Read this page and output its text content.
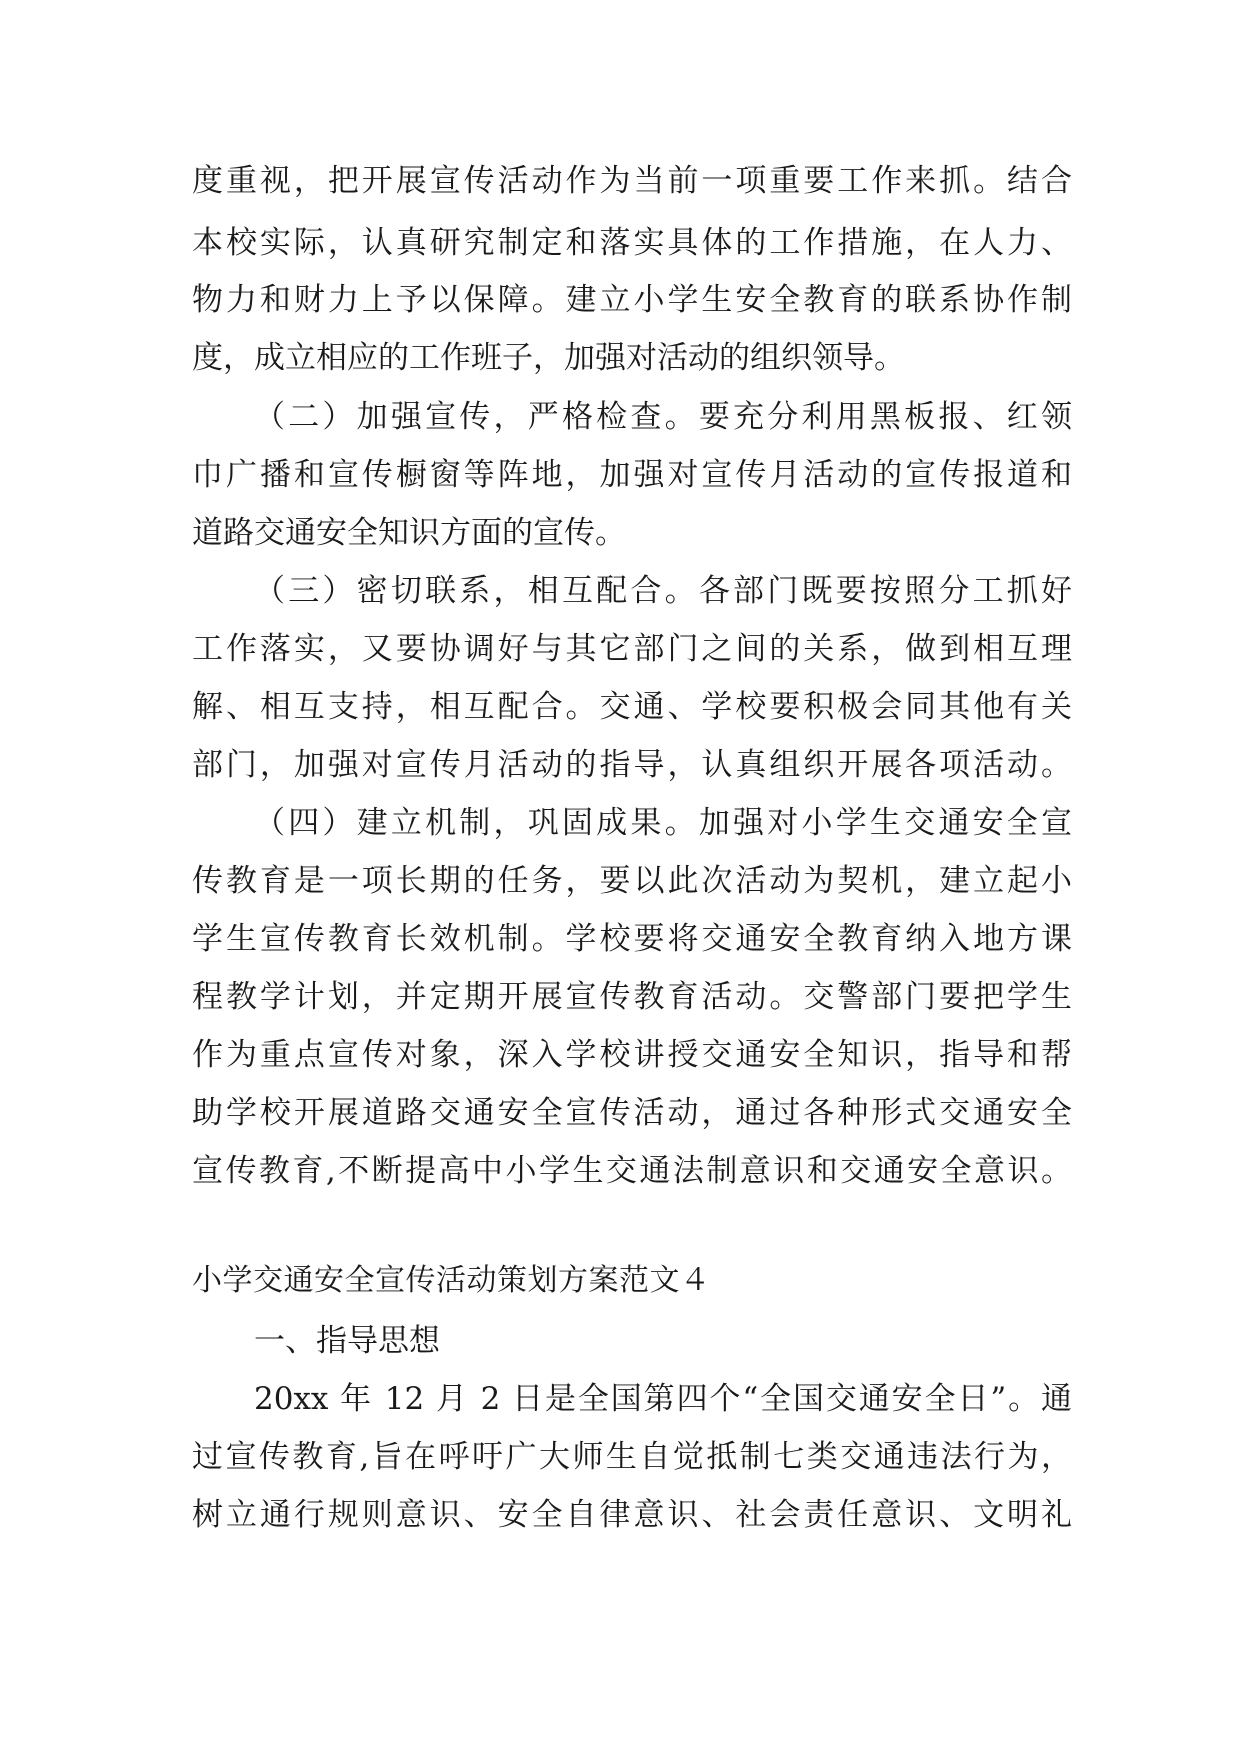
度重视，把开展宣传活动作为当前一项重要工作来抓。结合
本校实际，认真研究制定和落实具体的工作措施，在人力、
物力和财力上予以保障。建立小学生安全教育的联系协作制
度，成立相应的工作班子，加强对活动的组织领导。
（二）加强宣传，严格检查。要充分利用黑板报、红领
巾广播和宣传橱窗等阵地，加强对宣传月活动的宣传报道和
道路交通安全知识方面的宣传。
（三）密切联系，相互配合。各部门既要按照分工抓好
工作落实，又要协调好与其它部门之间的关系，做到相互理
解、相互支持，相互配合。交通、学校要积极会同其他有关
部门，加强对宣传月活动的指导，认真组织开展各项活动。
（四）建立机制，巩固成果。加强对小学生交通安全宣
传教育是一项长期的任务，要以此次活动为契机，建立起小
学生宣传教育长效机制。学校要将交通安全教育纳入地方课
程教学计划，并定期开展宣传教育活动。交警部门要把学生
作为重点宣传对象，深入学校讲授交通安全知识，指导和帮
助学校开展道路交通安全宣传活动，通过各种形式交通安全
宣传教育,不断提高中小学生交通法制意识和交通安全意识。
小学交通安全宣传活动策划方案范文４
一、指导思想
20xx 年 12 月 2 日是全国第四个“全国交通安全日”。通
过宣传教育,旨在呼吁广大师生自觉抵制七类交通违法行为，
树立通行规则意识、安全自律意识、社会责任意识、文明礼
